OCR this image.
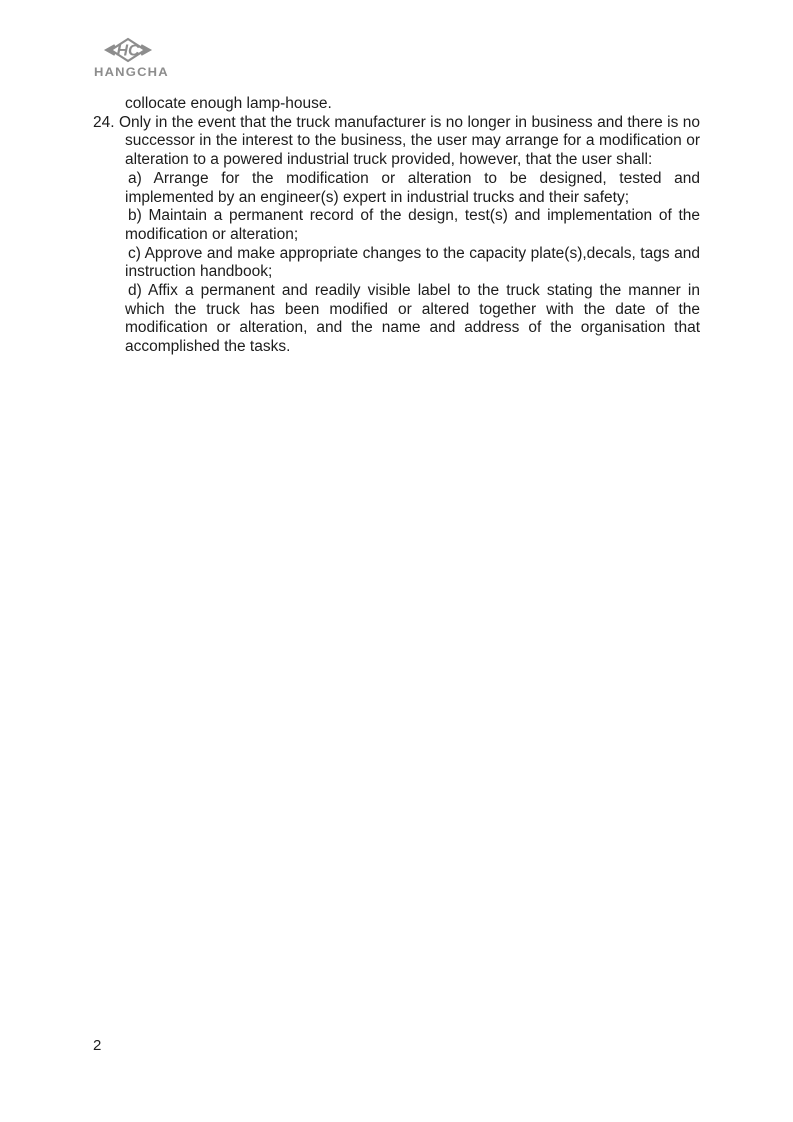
HC
HANGCHA

collocate enough lamp-house.

24. Only in the event that the truck manufacturer is no longer in business and there is no successor in the interest to the business, the user may arrange for a modification or alteration to a powered industrial truck provided, however, that the user shall:

a) Arrange for the modification or alteration to be designed, tested and implemented by an engineer(s) expert in industrial trucks and their safety;

b) Maintain a permanent record of the design, test(s) and implementation of the modification or alteration;

c) Approve and make appropriate changes to the capacity plate(s),decals, tags and instruction handbook;

d) Affix a permanent and readily visible label to the truck stating the manner in which the truck has been modified or altered together with the date of the modification or alteration, and the name and address of the organisation that accomplished the tasks.

2
